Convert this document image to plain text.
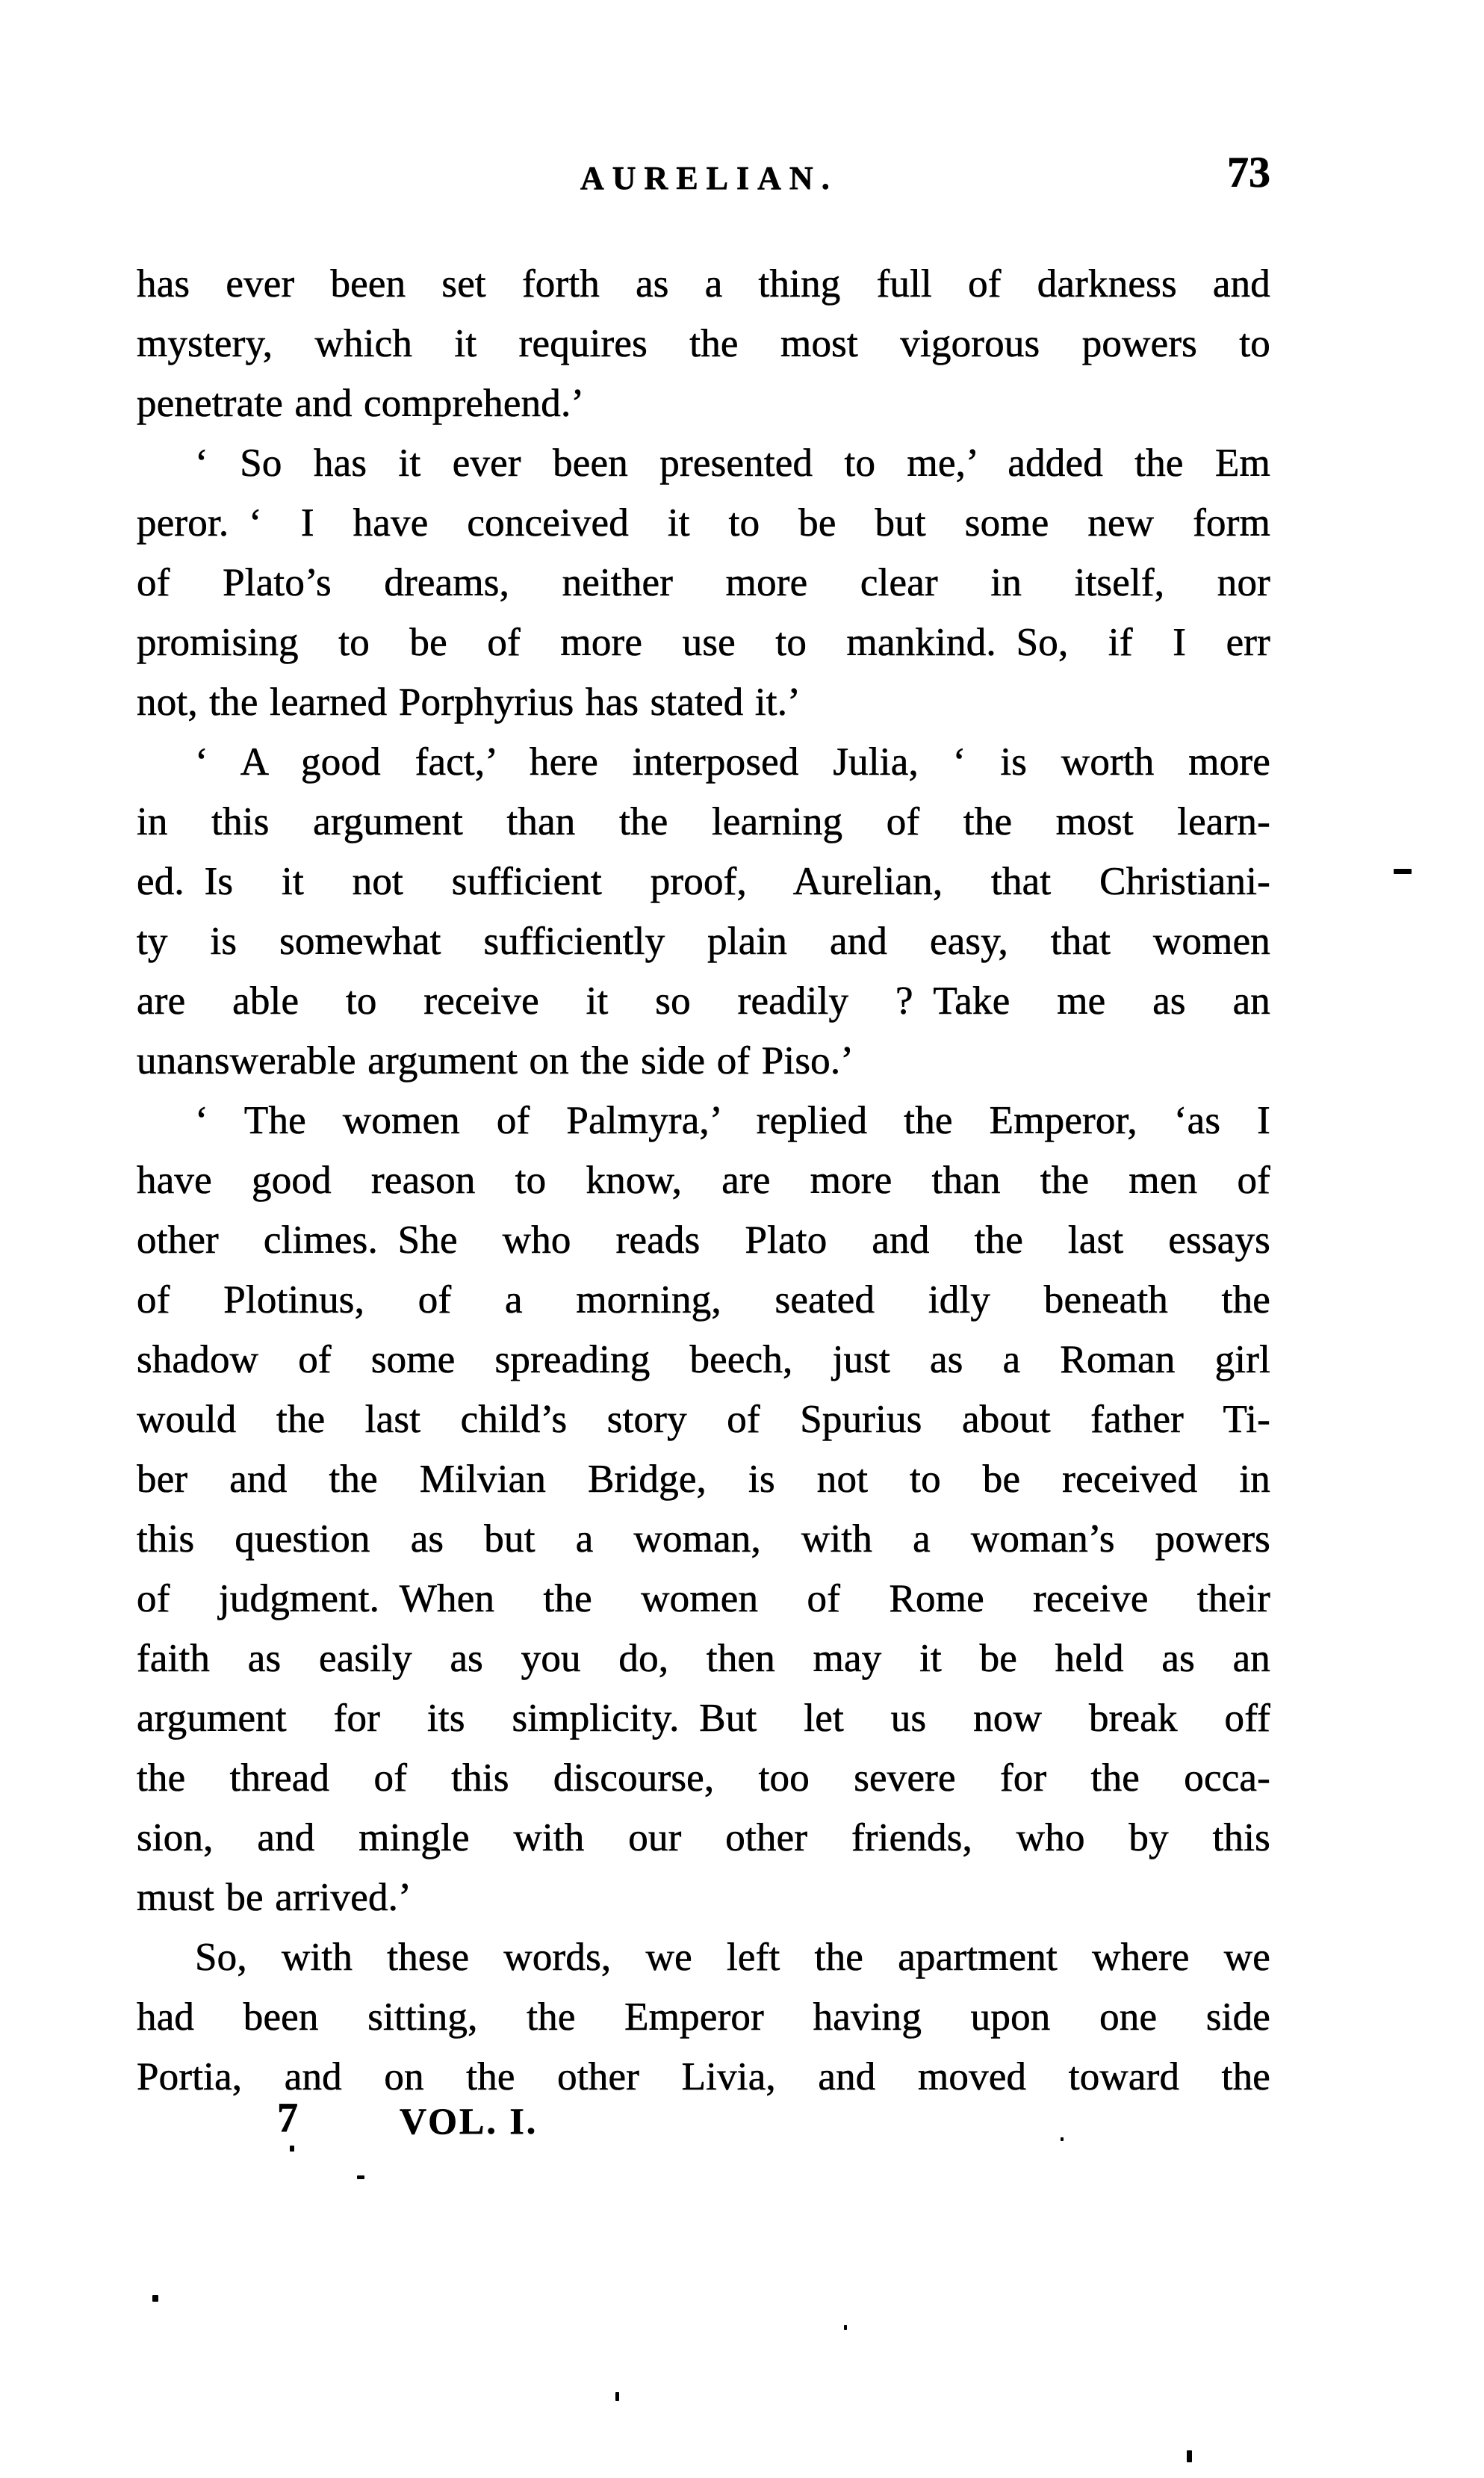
AURELIAN.	73
has ever been set forth as a thing full of darkness and
mystery, which it requires the most vigorous powers to
penetrate and comprehend.’
‘ So has it ever been presented to me,’ added the Em
peror. ‘ I have conceived it to be but some new form
of Plato’s dreams, neither more clear in itself, nor
promising to be of more use to mankind. So, if I err
not, the learned Porphyrius has stated it.’
‘ A good fact,’ here interposed Julia, ‘ is worth more
in this argument than the learning of the most learn-
ed. Is it not sufficient proof, Aurelian, that Christiani-
ty is somewhat sufficiently plain and easy, that women
are able to receive it so readily ? Take me as an
unanswerable argument on the side of Piso.’
‘ The women of Palmyra,’ replied the Emperor, ‘as I
have good reason to know, are more than the men of
other climes. She who reads Plato and the last essays
of Plotinus, of a morning, seated idly beneath the
shadow of some spreading beech, just as a Roman girl
would the last child’s story of Spurius about father Ti-
ber and the Milvian Bridge, is not to be received in
this question as but a woman, with a woman’s powers
of judgment. When the women of Rome receive their
faith as easily as you do, then may it be held as an
argument for its simplicity. But let us now break off
the thread of this discourse, too severe for the occa-
sion, and mingle with our other friends, who by this
must be arrived.’
So, with these words, we left the apartment where we
had been sitting, the Emperor having upon one side
Portia, and on the other Livia, and moved toward the
7	VOL. I.
